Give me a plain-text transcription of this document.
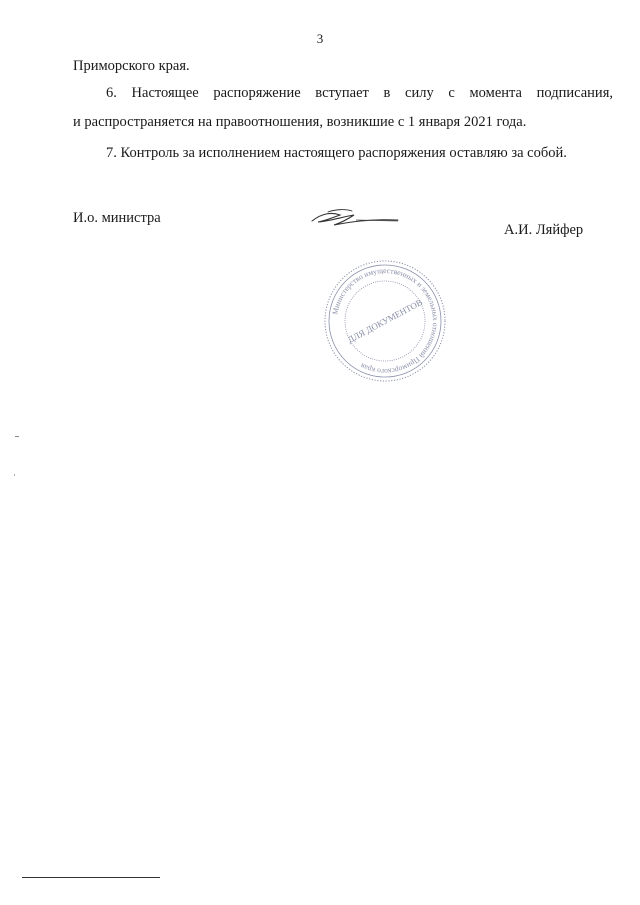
3
Приморского края.
6. Настоящее распоряжение вступает в силу с момента подписания,
и распространяется на правоотношения, возникшие с 1 января 2021 года.
7. Контроль за исполнением настоящего распоряжения оставляю за собой.
И.о. министра
А.И. Ляйфер
Министерство имущественных и земельных отношений Приморского края
ДЛЯ ДОКУМЕНТОВ
